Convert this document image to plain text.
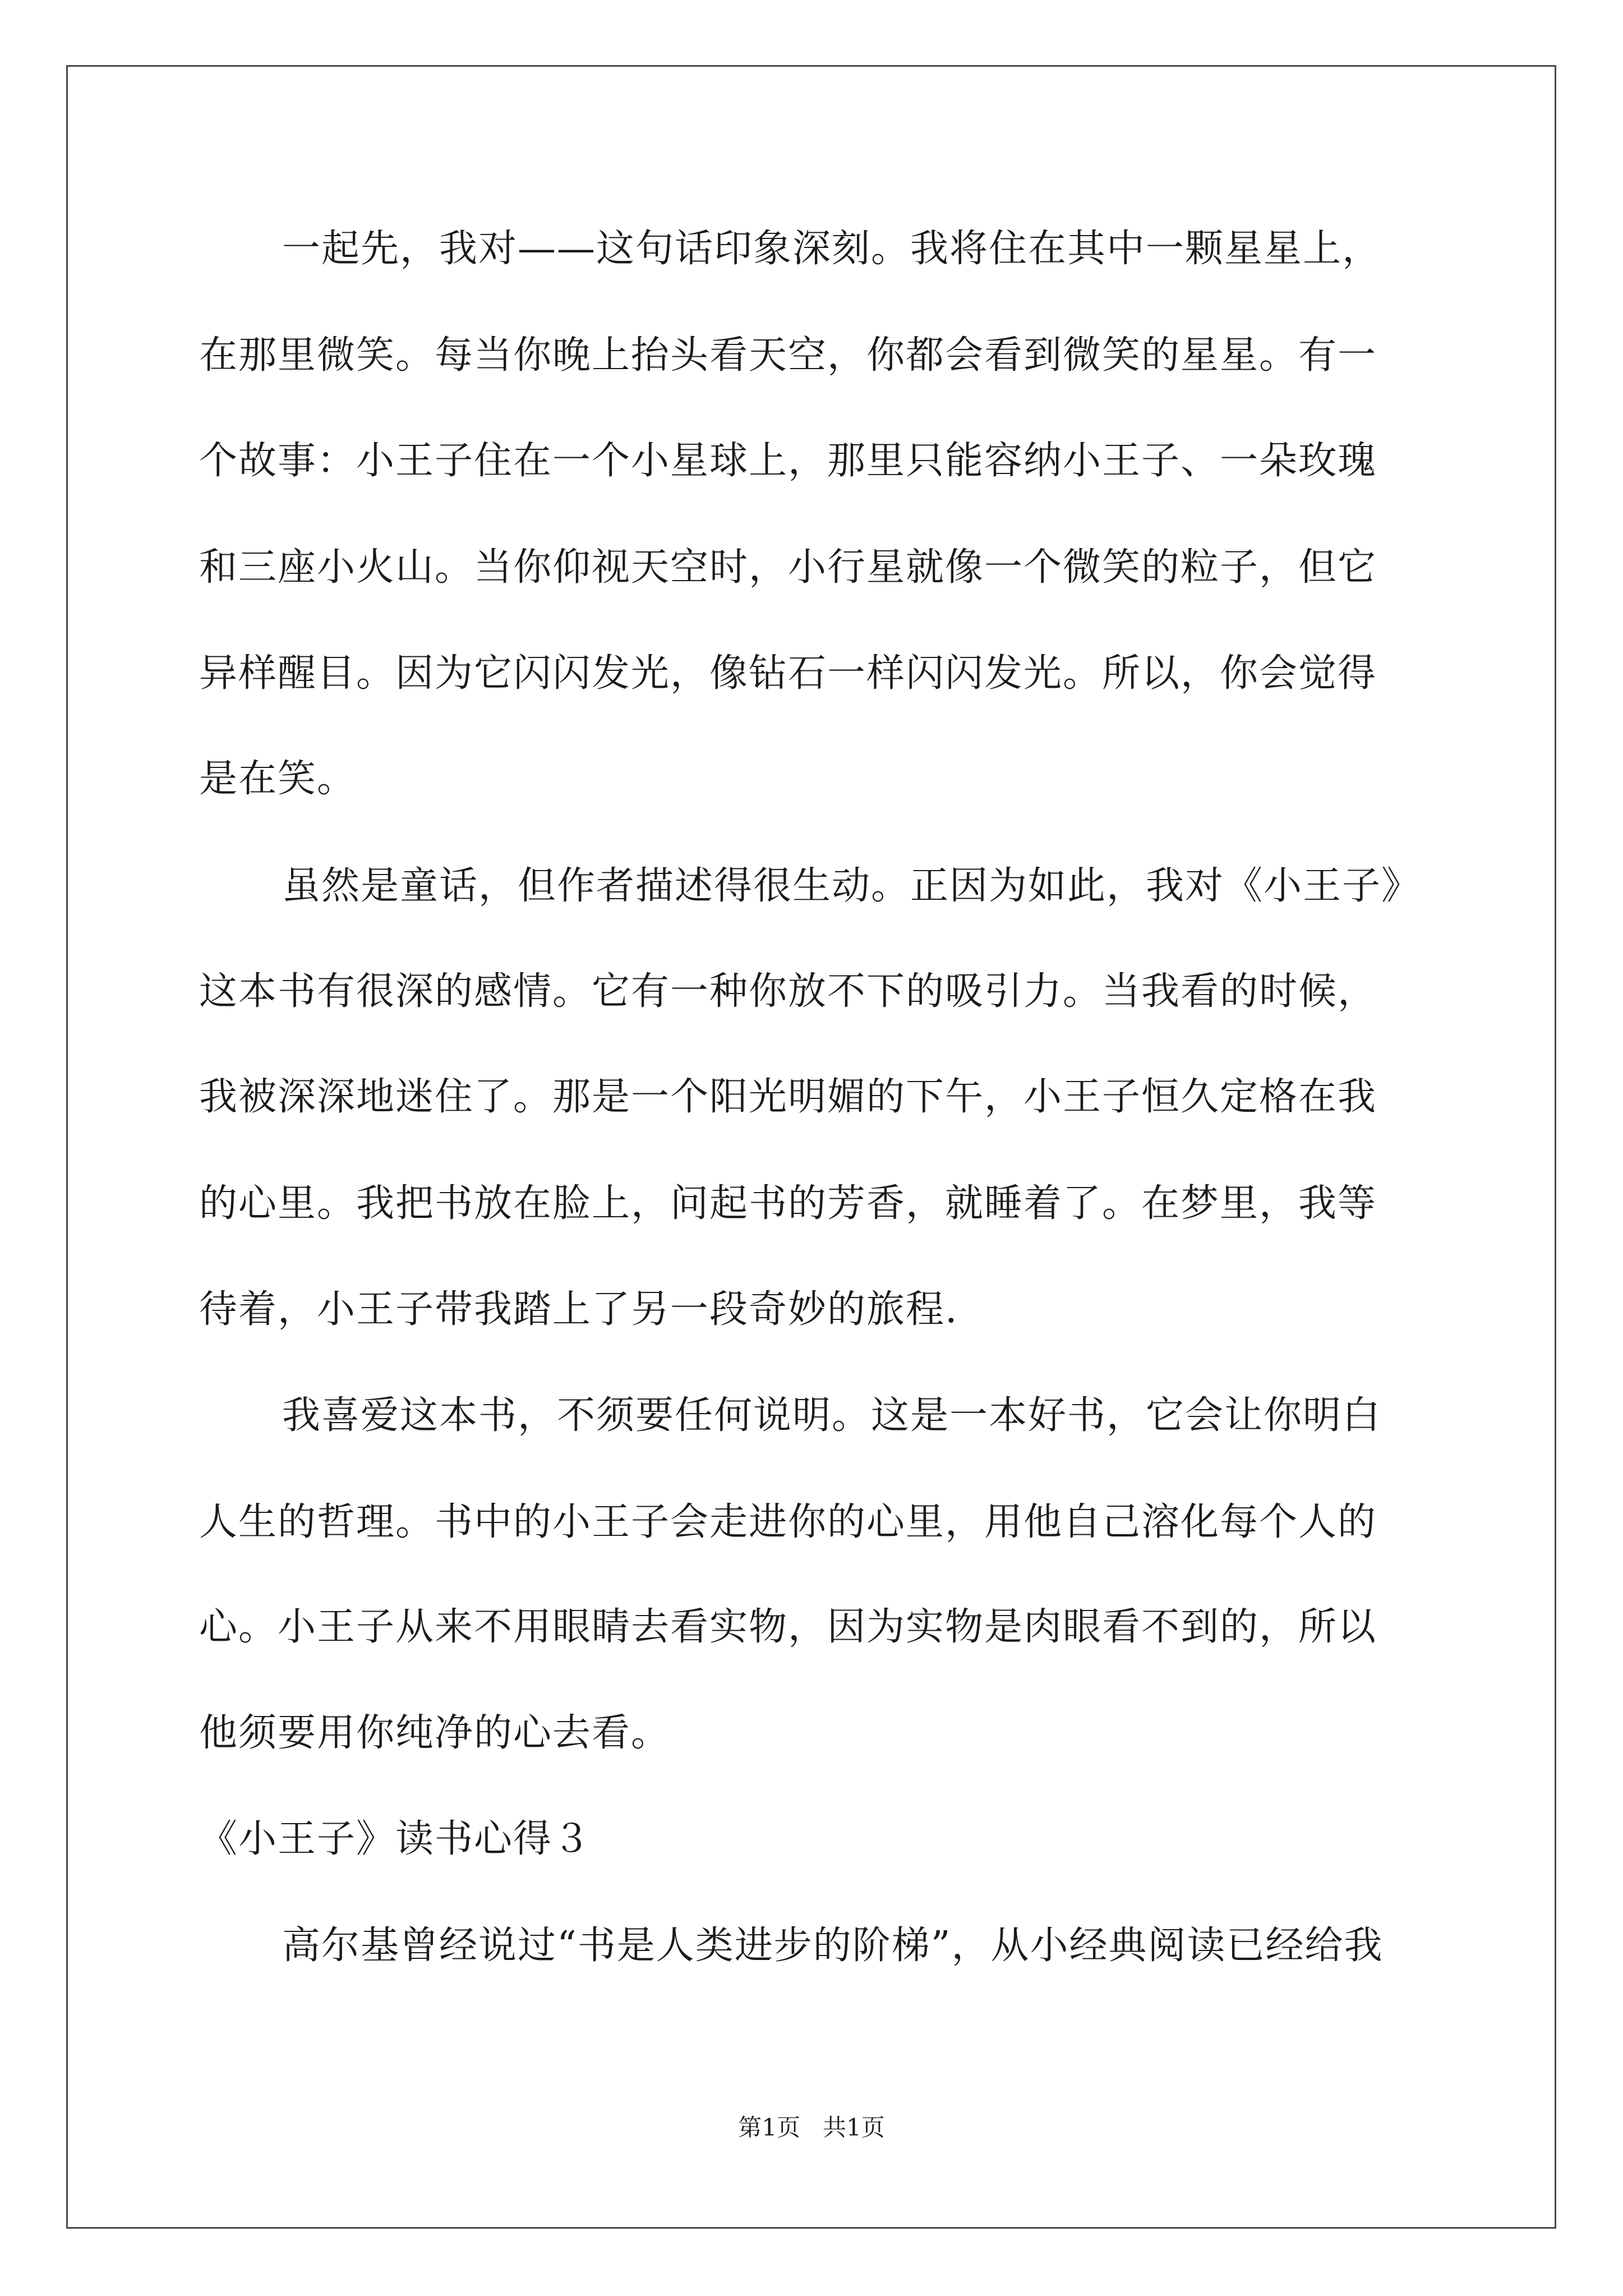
一起先，我对——这句话印象深刻。我将住在其中一颗星星上，
在那里微笑。每当你晚上抬头看天空，你都会看到微笑的星星。有一
个故事：小王子住在一个小星球上，那里只能容纳小王子、一朵玫瑰
和三座小火山。当你仰视天空时，小行星就像一个微笑的粒子，但它
异样醒目。因为它闪闪发光，像钻石一样闪闪发光。所以，你会觉得
是在笑。
虽然是童话，但作者描述得很生动。正因为如此，我对《小王子》
这本书有很深的感情。它有一种你放不下的吸引力。当我看的时候，
我被深深地迷住了。那是一个阳光明媚的下午，小王子恒久定格在我
的心里。我把书放在脸上，问起书的芳香，就睡着了。在梦里，我等
待着，小王子带我踏上了另一段奇妙的旅程.
我喜爱这本书，不须要任何说明。这是一本好书，它会让你明白
人生的哲理。书中的小王子会走进你的心里，用他自己溶化每个人的
心。小王子从来不用眼睛去看实物，因为实物是肉眼看不到的，所以
他须要用你纯净的心去看。
《小王子》读书心得３
高尔基曾经说过“书是人类进步的阶梯”，从小经典阅读已经给我
第1页   共1页
